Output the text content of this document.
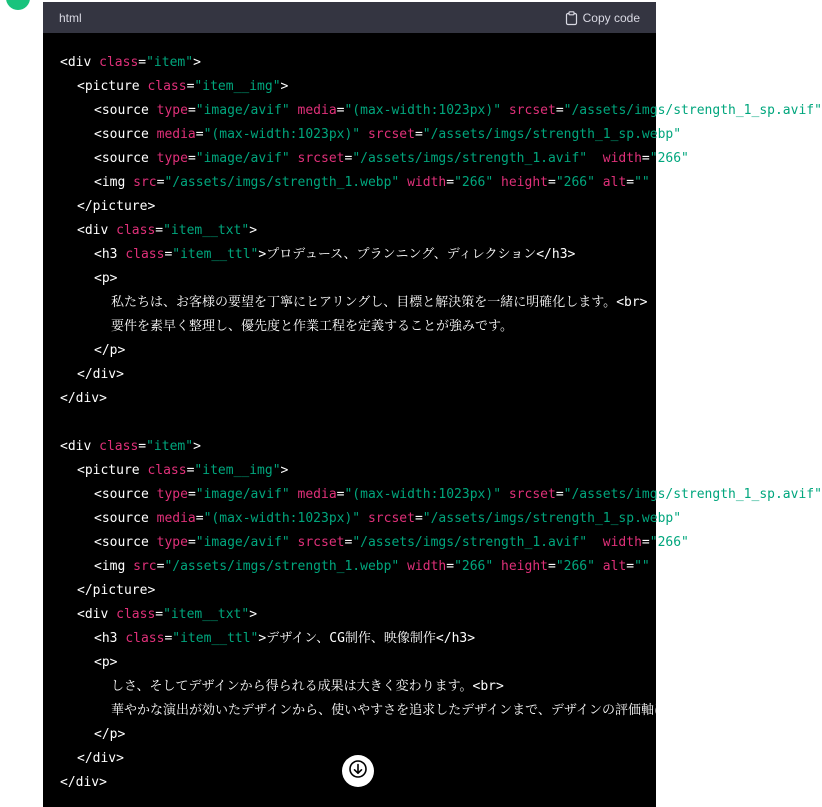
html	Copy code
<div class="item">
<picture class="item__img">
<source type="image/avif" media="(max-width:1023px)" srcset="/assets/imgs/strength_1_sp.avif"
<source media="(max-width:1023px)" srcset="/assets/imgs/strength_1_sp.webp"
<source type="image/avif" srcset="/assets/imgs/strength_1.avif" width="266"
<img src="/assets/imgs/strength_1.webp" width="266" height="266" alt=""
</picture>
<div class="item__txt">
<h3 class="item__ttl">プロデュース、プランニング、ディレクション</h3>
<p>
私たちは、お客様の要望を丁寧にヒアリングし、目標と解決策を一緒に明確化します。<br>
要件を素早く整理し、優先度と作業工程を定義することが強みです。
</p>
</div>
</div>
<div class="item">
<picture class="item__img">
<source type="image/avif" media="(max-width:1023px)" srcset="/assets/imgs/strength_1_sp.avif"
<source media="(max-width:1023px)" srcset="/assets/imgs/strength_1_sp.webp"
<source type="image/avif" srcset="/assets/imgs/strength_1.avif" width="266"
<img src="/assets/imgs/strength_1.webp" width="266" height="266" alt=""
</picture>
<div class="item__txt">
<h3 class="item__ttl">デザイン、CG制作、映像制作</h3>
<p>
しさ、そしてデザインから得られる成果は大きく変わります。<br>
華やかな演出が効いたデザインから、使いやすさを追求したデザインまで、デザインの評価軸は
</p>
</div>
</div>
